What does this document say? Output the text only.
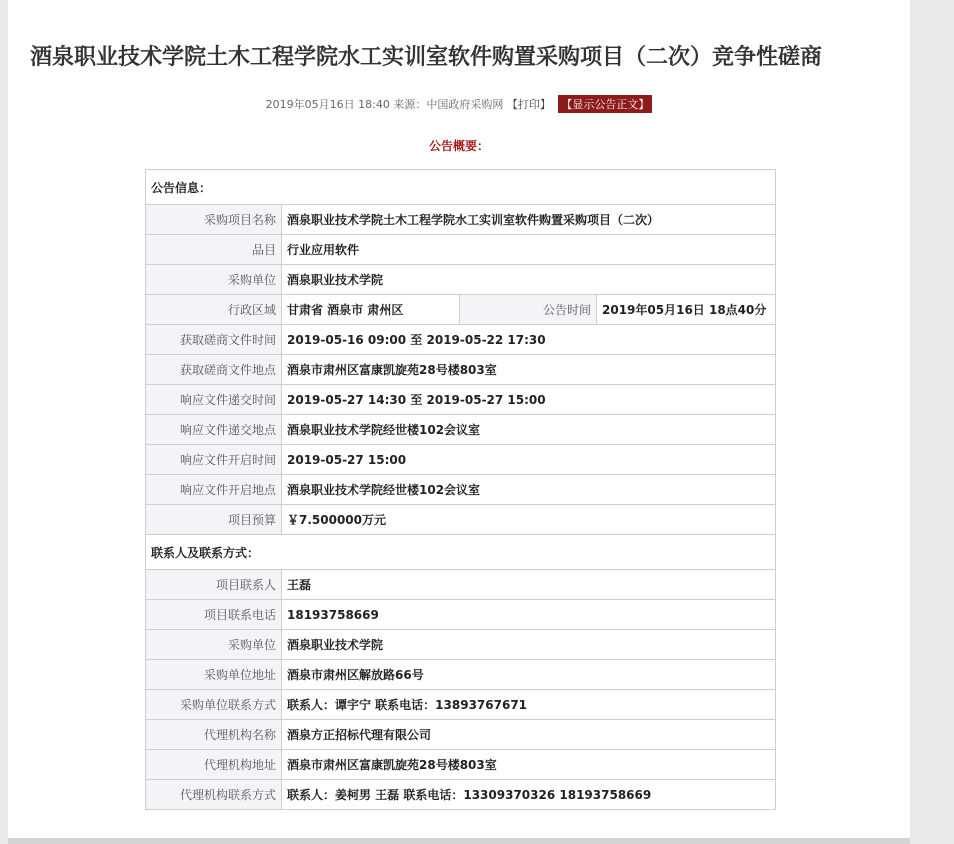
酒泉职业技术学院土木工程学院水工实训室软件购置采购项目（二次）竞争性磋商
2019年05月16日 18:40 来源：中国政府采购网 【打印】 【显示公告正文】
公告概要：
公告信息：			
采购项目名称	酒泉职业技术学院土木工程学院水工实训室软件购置采购项目（二次）		
品目	行业应用软件		
采购单位	酒泉职业技术学院		
行政区域	甘肃省 酒泉市 肃州区	公告时间	2019年05月16日 18点40分
获取磋商文件时间	2019-05-16 09:00 至 2019-05-22 17:30		
获取磋商文件地点	酒泉市肃州区富康凯旋苑28号楼803室		
响应文件递交时间	2019-05-27 14:30 至 2019-05-27 15:00		
响应文件递交地点	酒泉职业技术学院经世楼102会议室		
响应文件开启时间	2019-05-27 15:00		
响应文件开启地点	酒泉职业技术学院经世楼102会议室		
项目预算	￥7.500000万元		
联系人及联系方式：			
项目联系人	王磊		
项目联系电话	18193758669		
采购单位	酒泉职业技术学院		
采购单位地址	酒泉市肃州区解放路66号		
采购单位联系方式	联系人：谭宇宁 联系电话：13893767671		
代理机构名称	酒泉方正招标代理有限公司		
代理机构地址	酒泉市肃州区富康凯旋苑28号楼803室		
代理机构联系方式	联系人：姜柯男 王磊 联系电话：13309370326 18193758669		
